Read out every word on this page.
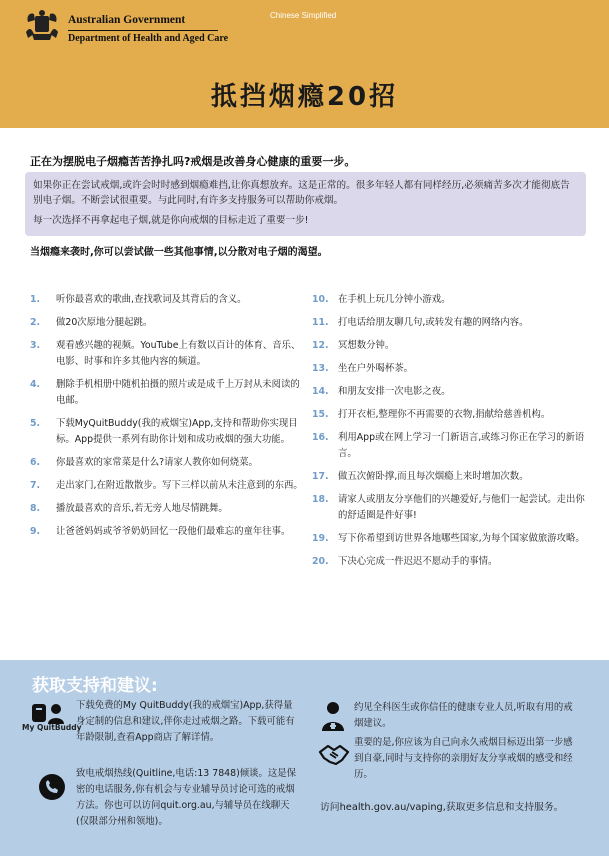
Australian Government
Department of Health and Aged Care
Chinese Simplified
抵挡烟瘾20招
正在为摆脱电子烟瘾苦苦挣扎吗?戒烟是改善身心健康的重要一步。

如果你正在尝试戒烟,或许会时时感到烟瘾难挡,让你真想放弃。这是正常的。很多年轻人都有同样经历,必须痛苦多次才能彻底告别电子烟。不断尝试很重要。与此同时,有许多支持服务可以帮助你戒烟。

每一次选择不再拿起电子烟,就是你向戒烟的目标走近了重要一步!

当烟瘾来袭时,你可以尝试做一些其他事情,以分散对电子烟的渴望。
1. 听你最喜欢的歌曲,查找歌词及其背后的含义。
2. 做20次原地分腿起跳。
3. 观看感兴趣的视频。YouTube上有数以百计的体育、音乐、电影、时事和许多其他内容的频道。
4. 删除手机相册中随机拍摄的照片或是成千上万封从未阅读的电邮。
5. 下载MyQuitBuddy(我的戒烟宝)App,支持和帮助你实现目标。App提供一系列有助你计划和成功戒烟的强大功能。
6. 你最喜欢的家常菜是什么?请家人教你如何烧菜。
7. 走出家门,在附近散散步。写下三样以前从未注意到的东西。
8. 播放最喜欢的音乐,若无旁人地尽情跳舞。
9. 让爸爸妈妈或爷爷奶奶回忆一段他们最难忘的童年往事。
10. 在手机上玩几分钟小游戏。
11. 打电话给朋友聊几句,或转发有趣的网络内容。
12. 冥想数分钟。
13. 坐在户外喝杯茶。
14. 和朋友安排一次电影之夜。
15. 打开衣柜,整理你不再需要的衣物,捐献给慈善机构。
16. 利用App或在网上学习一门新语言,或练习你正在学习的新语言。
17. 做五次俯卧撑,而且每次烟瘾上来时增加次数。
18. 请家人或朋友分享他们的兴趣爱好,与他们一起尝试。走出你的舒适圈是件好事!
19. 写下你希望到访世界各地哪些国家,为每个国家做旅游攻略。
20. 下决心完成一件迟迟不愿动手的事情。
获取支持和建议:
My QuitBuddy
下载免费的My QuitBuddy(我的戒烟宝)App,获得量身定制的信息和建议,伴你走过戒烟之路。下载可能有年龄限制,查看App商店了解详情。
致电戒烟热线(Quitline,电话:13 7848)倾谈。这是保密的电话服务,你有机会与专业辅导员讨论可选的戒烟方法。你也可以访问quit.org.au,与辅导员在线聊天(仅限部分州和领地)。
约见全科医生或你信任的健康专业人员,听取有用的戒烟建议。
重要的是,你应该为自己向永久戒烟目标迈出第一步感到自豪,同时与支持你的亲朋好友分享戒烟的感受和经历。
访问health.gov.au/vaping,获取更多信息和支持服务。
